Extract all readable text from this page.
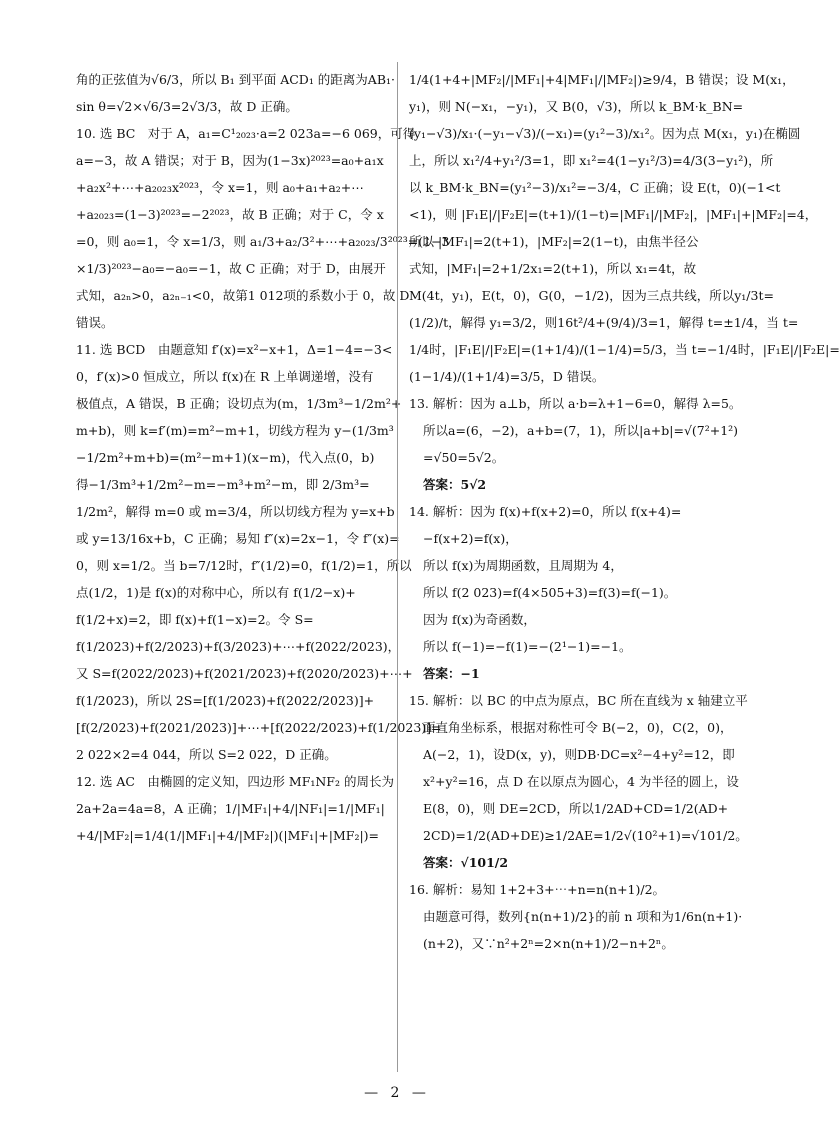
角的正弦值为√6/3，所以 B₁ 到平面 ACD₁ 的距离为AB₁·
sin θ=√2×√6/3=2√3/3，故 D 正确。
10. 选 BC　对于 A，a₁=C¹₂₀₂₃·a=2 023a=−6 069，可得
a=−3，故 A 错误；对于 B，因为(1−3x)²⁰²³=a₀+a₁x
+a₂x²+⋯+a₂₀₂₃x²⁰²³，令 x=1，则 a₀+a₁+a₂+⋯
+a₂₀₂₃=(1−3)²⁰²³=−2²⁰²³，故 B 正确；对于 C，令 x
=0，则 a₀=1，令 x=1/3，则 a₁/3+a₂/3²+⋯+a₂₀₂₃/3²⁰²³=(1−3
×1/3)²⁰²³−a₀=−a₀=−1，故 C 正确；对于 D，由展开
式知，a₂ₙ>0，a₂ₙ₋₁<0，故第1 012项的系数小于 0，故 D
错误。
11. 选 BCD　由题意知 f′(x)=x²−x+1，Δ=1−4=−3<
0，f′(x)>0 恒成立，所以 f(x)在 R 上单调递增，没有
极值点，A 错误，B 正确；设切点为(m，1/3m³−1/2m²+
m+b)，则 k=f′(m)=m²−m+1，切线方程为 y−(1/3m³
−1/2m²+m+b)=(m²−m+1)(x−m)，代入点(0，b)
得−1/3m³+1/2m²−m=−m³+m²−m，即 2/3m³=
1/2m²，解得 m=0 或 m=3/4，所以切线方程为 y=x+b
或 y=13/16x+b，C 正确；易知 f″(x)=2x−1，令 f″(x)=
0，则 x=1/2。当 b=7/12时，f″(1/2)=0，f(1/2)=1，所以
点(1/2，1)是 f(x)的对称中心，所以有 f(1/2−x)+
f(1/2+x)=2，即 f(x)+f(1−x)=2。令 S=
f(1/2023)+f(2/2023)+f(3/2023)+⋯+f(2022/2023)，
又 S=f(2022/2023)+f(2021/2023)+f(2020/2023)+⋯+
f(1/2023)，所以 2S=[f(1/2023)+f(2022/2023)]+
[f(2/2023)+f(2021/2023)]+⋯+[f(2022/2023)+f(1/2023)]=
2 022×2=4 044，所以 S=2 022，D 正确。
12. 选 AC　由椭圆的定义知，四边形 MF₁NF₂ 的周长为
2a+2a=4a=8，A 正确；1/|MF₁|+4/|NF₁|=1/|MF₁|
+4/|MF₂|=1/4(1/|MF₁|+4/|MF₂|)(|MF₁|+|MF₂|)=
1/4(1+4+|MF₂|/|MF₁|+4|MF₁|/|MF₂|)≥9/4，B 错误；设 M(x₁，
y₁)，则 N(−x₁，−y₁)，又 B(0，√3)，所以 k_BM·k_BN=
(y₁−√3)/x₁·(−y₁−√3)/(−x₁)=(y₁²−3)/x₁²。因为点 M(x₁，y₁)在椭圆
上，所以 x₁²/4+y₁²/3=1，即 x₁²=4(1−y₁²/3)=4/3(3−y₁²)，所
以 k_BM·k_BN=(y₁²−3)/x₁²=−3/4，C 正确；设 E(t，0)(−1<t
<1)，则 |F₁E|/|F₂E|=(t+1)/(1−t)=|MF₁|/|MF₂|，|MF₁|+|MF₂|=4，
所以 |MF₁|=2(t+1)，|MF₂|=2(1−t)，由焦半径公
式知，|MF₁|=2+1/2x₁=2(t+1)，所以 x₁=4t，故
M(4t，y₁)，E(t，0)，G(0，−1/2)，因为三点共线，所以y₁/3t=
(1/2)/t，解得 y₁=3/2，则16t²/4+(9/4)/3=1，解得 t=±1/4，当 t=
1/4时，|F₁E|/|F₂E|=(1+1/4)/(1−1/4)=5/3，当 t=−1/4时，|F₁E|/|F₂E|=
(1−1/4)/(1+1/4)=3/5，D 错误。
13. 解析：因为 a⊥b，所以 a·b=λ+1−6=0，解得 λ=5。
所以a=(6，−2)，a+b=(7，1)，所以|a+b|=√(7²+1²)
=√50=5√2。
答案：5√2
14. 解析：因为 f(x)+f(x+2)=0，所以 f(x+4)=
−f(x+2)=f(x)，
所以 f(x)为周期函数，且周期为 4，
所以 f(2 023)=f(4×505+3)=f(3)=f(−1)。
因为 f(x)为奇函数，
所以 f(−1)=−f(1)=−(2¹−1)=−1。
答案：−1
15. 解析：以 BC 的中点为原点，BC 所在直线为 x 轴建立平
面直角坐标系，根据对称性可令 B(−2，0)，C(2，0)，
A(−2，1)，设D(x，y)，则DB·DC=x²−4+y²=12，即
x²+y²=16，点 D 在以原点为圆心，4 为半径的圆上，设
E(8，0)，则 DE=2CD，所以1/2AD+CD=1/2(AD+
2CD)=1/2(AD+DE)≥1/2AE=1/2√(10²+1)=√101/2。
答案：√101/2
16. 解析：易知 1+2+3+⋯+n=n(n+1)/2。
由题意可得，数列{n(n+1)/2}的前 n 项和为1/6n(n+1)·
(n+2)，又∵n²+2ⁿ=2×n(n+1)/2−n+2ⁿ。
— 2 —
